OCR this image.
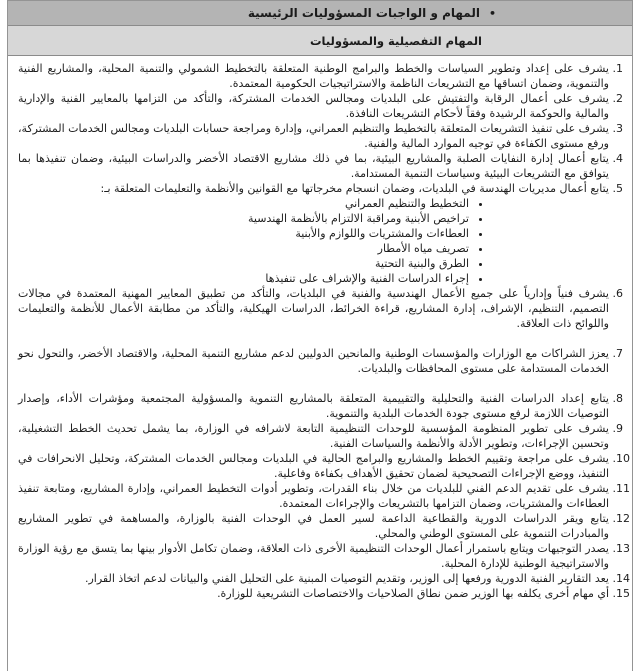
•
المهام و الواجبات المسؤوليات الرئيسية
المهام التفصيلية والمسؤوليات
1. يشرف على إعداد وتطوير السياسات والخطط والبرامج الوطنية المتعلقة بالتخطيط الشمولي والتنمية المحلية، والمشاريع الفنية والتنموية، وضمان اتساقها مع التشريعات الناظمة والاستراتيجيات الحكومية المعتمدة.
2. يشرف على أعمال الرقابة والتفتيش على البلديات ومجالس الخدمات المشتركة، والتأكد من التزامها بالمعايير الفنية والإدارية والمالية والحوكمة الرشيدة وفقاً لأحكام التشريعات النافذة.
3. يشرف على تنفيذ التشريعات المتعلقة بالتخطيط والتنظيم العمراني، وإدارة ومراجعة حسابات البلديات ومجالس الخدمات المشتركة، ورفع مستوى الكفاءة في توجيه الموارد المالية والفنية.
4. يتابع أعمال إدارة النفايات الصلبة والمشاريع البيئية، بما في ذلك مشاريع الاقتصاد الأخضر والدراسات البيئية، وضمان تنفيذها بما يتوافق مع التشريعات البيئية وسياسات التنمية المستدامة.
5. يتابع أعمال مديريات الهندسة في البلديات، وضمان انسجام مخرجاتها مع القوانين والأنظمة والتعليمات المتعلقة بـ:
• التخطيط والتنظيم العمراني
• تراخيص الأبنية ومراقبة الالتزام بالأنظمة الهندسية
• العطاءات والمشتريات واللوازم والأبنية
• تصريف مياه الأمطار
• الطرق والبنية التحتية
• إجراء الدراسات الفنية والإشراف على تنفيذها
6. يشرف فنياً وإدارياً على جميع الأعمال الهندسية والفنية في البلديات، والتأكد من تطبيق المعايير المهنية المعتمدة في مجالات التصميم، التنظيم، الإشراف، إدارة المشاريع، قراءة الخرائط، الدراسات الهيكلية، والتأكد من مطابقة الأعمال للأنظمة والتعليمات واللوائح ذات العلاقة.
7. يعزز الشراكات مع الوزارات والمؤسسات الوطنية والمانحين الدوليين لدعم مشاريع التنمية المحلية، والاقتصاد الأخضر، والتحول نحو الخدمات المستدامة على مستوى المحافظات والبلديات.
8. يتابع إعداد الدراسات الفنية والتحليلية والتقييمية المتعلقة بالمشاريع التنموية والمسؤولية المجتمعية ومؤشرات الأداء، وإصدار التوصيات اللازمة لرفع مستوى جودة الخدمات البلدية والتنموية.
9. يشرف على تطوير المنظومة المؤسسية للوحدات التنظيمية التابعة لاشرافه في الوزارة، بما يشمل تحديث الخطط التشغيلية، وتحسين الإجراءات، وتطوير الأدلة والأنظمة والسياسات الفنية.
10. يشرف على مراجعة وتقييم الخطط والمشاريع والبرامج الحالية في البلديات ومجالس الخدمات المشتركة، وتحليل الانحرافات في التنفيذ، ووضع الإجراءات التصحيحية لضمان تحقيق الأهداف بكفاءة وفاعلية.
11. يشرف على تقديم الدعم الفني للبلديات من خلال بناء القدرات، وتطوير أدوات التخطيط العمراني، وإدارة المشاريع، ومتابعة تنفيذ العطاءات والمشتريات، وضمان التزامها بالتشريعات والإجراءات المعتمدة.
12. يتابع ويقر الدراسات الدورية والقطاعية الداعمة لسير العمل في الوحدات الفنية بالوزارة، والمساهمة في تطوير المشاريع والمبادرات التنموية على المستوى الوطني والمحلي.
13. يصدر التوجيهات ويتابع باستمرار أعمال الوحدات التنظيمية الأخرى ذات العلاقة، وضمان تكامل الأدوار بينها بما يتسق مع رؤية الوزارة والاستراتيجية الوطنية للإدارة المحلية.
14. يعد التقارير الفنية الدورية ورفعها إلى الوزير، وتقديم التوصيات المبنية على التحليل الفني والبيانات لدعم اتخاذ القرار.
15. أي مهام أخرى يكلفه بها الوزير ضمن نطاق الصلاحيات والاختصاصات التشريعية للوزارة.
